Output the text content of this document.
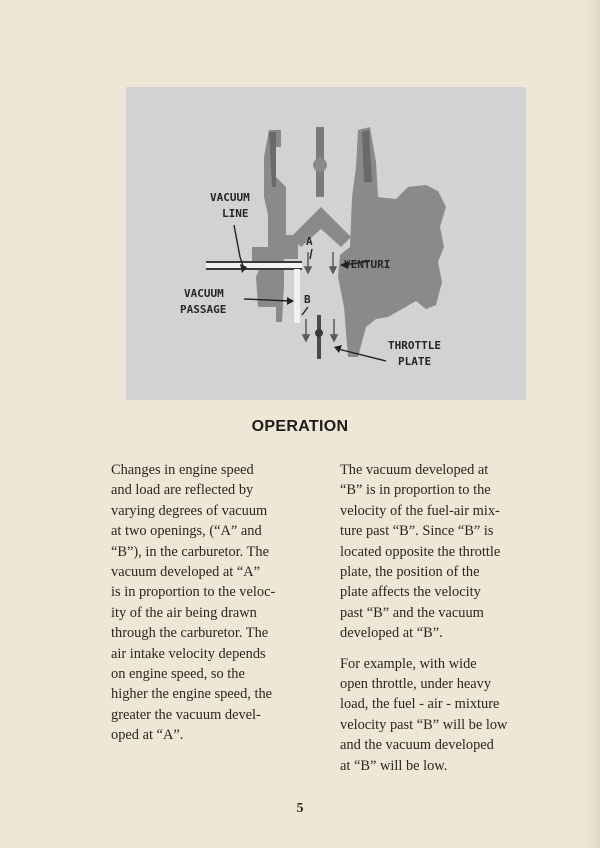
VACUUM
LINE
VACUUM
PASSAGE
VENTURI
THROTTLE
PLATE
A
B
OPERATION

Changes in engine speed
and load are reflected by
varying degrees of vacuum
at two openings, (“A” and
“B”), in the carburetor. The
vacuum developed at “A”
is in proportion to the veloc-
ity of the air being drawn
through the carburetor. The
air intake velocity depends
on engine speed, so the
higher the engine speed, the
greater the vacuum devel-
oped at “A”.

The vacuum developed at
“B” is in proportion to the
velocity of the fuel-air mix-
ture past “B”. Since “B” is
located opposite the throttle
plate, the position of the
plate affects the velocity
past “B” and the vacuum
developed at “B”.

For example, with wide
open throttle, under heavy
load, the fuel - air - mixture
velocity past “B” will be low
and the vacuum developed
at “B” will be low.

5
